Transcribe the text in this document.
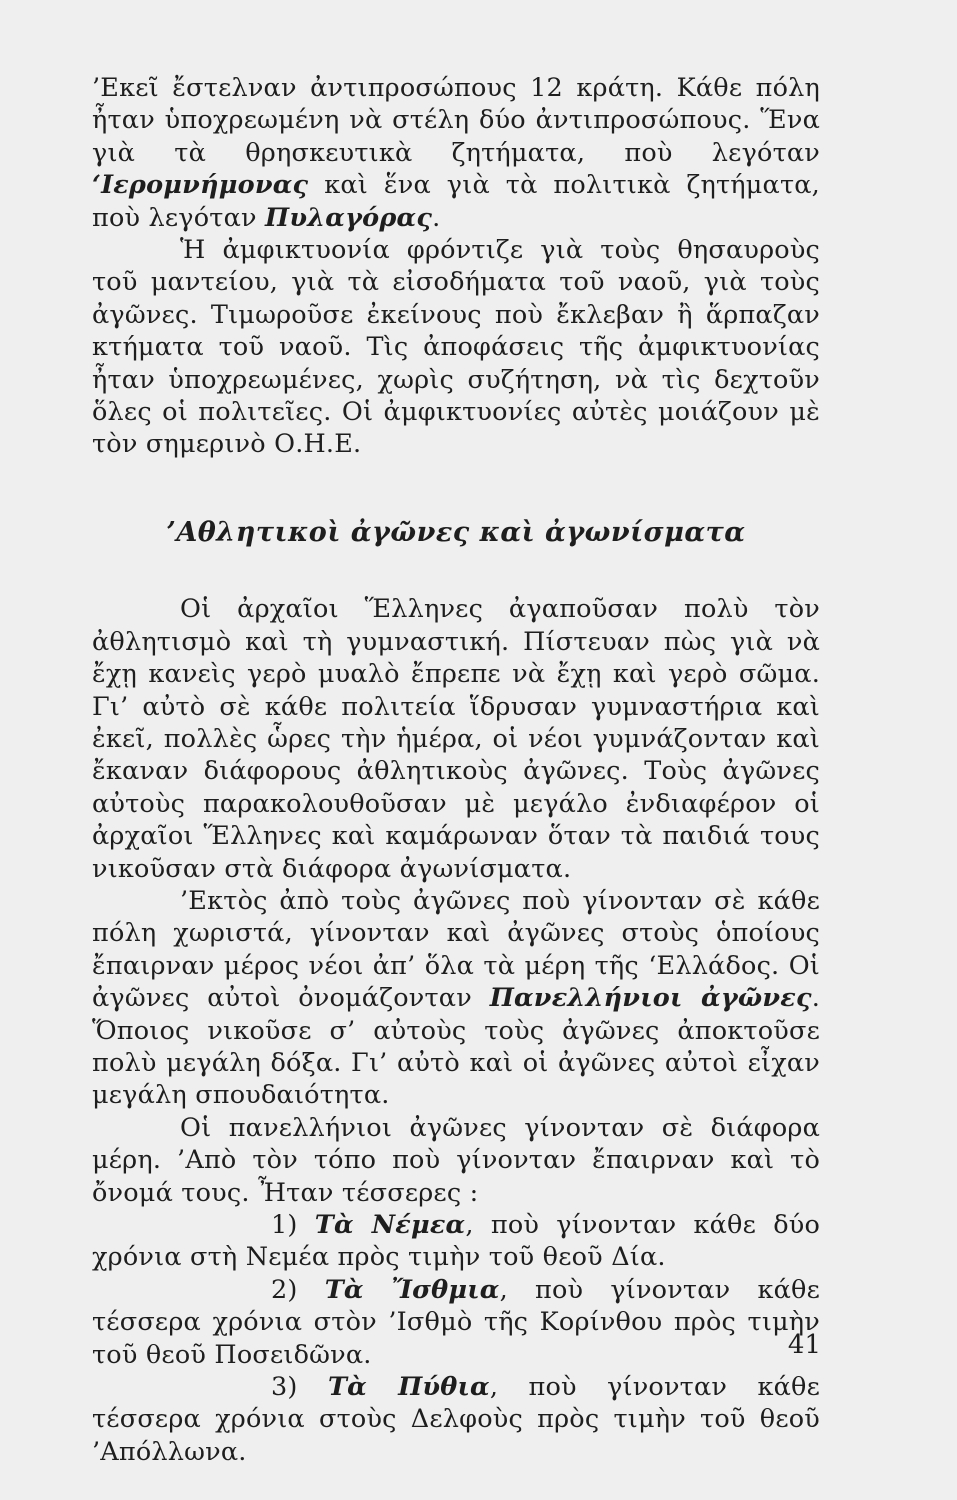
’Εκεῖ ἔστελναν ἀντιπροσώπους 12 κράτη. Κάθε πόλη ἦταν ὑποχρεωμένη νὰ στέλη δύο ἀντιπροσώπους. Ἕνα γιὰ τὰ θρησκευτικὰ ζητήματα, ποὺ λεγόταν ‘Ιερομνήμονας καὶ ἕνα γιὰ τὰ πολιτικὰ ζητήματα, ποὺ λεγόταν Πυλαγόρας.

Ἡ ἀμφικτυονία φρόντιζε γιὰ τοὺς θησαυροὺς τοῦ μαντείου, γιὰ τὰ εἰσοδήματα τοῦ ναοῦ, γιὰ τοὺς ἀγῶνες. Τιμωροῦσε ἐκείνους ποὺ ἔκλεβαν ἢ ἅρπαζαν κτήματα τοῦ ναοῦ. Τὶς ἀποφάσεις τῆς ἀμφικτυονίας ἦταν ὑποχρεωμένες, χωρὶς συζήτηση, νὰ τὶς δεχτοῦν ὅλες οἱ πολιτεῖες. Οἱ ἀμφικτυονίες αὐτὲς μοιάζουν μὲ τὸν σημερινὸ Ο.Η.Ε.

’Αθλητικοὶ ἀγῶνες καὶ ἀγωνίσματα

Οἱ ἀρχαῖοι Ἕλληνες ἀγαποῦσαν πολὺ τὸν ἀθλητισμὸ καὶ τὴ γυμναστική. Πίστευαν πὼς γιὰ νὰ ἔχῃ κανεὶς γερὸ μυαλὸ ἔπρεπε νὰ ἔχῃ καὶ γερὸ σῶμα. Γι’ αὐτὸ σὲ κάθε πολιτεία ἵδρυσαν γυμναστήρια καὶ ἐκεῖ, πολλὲς ὧρες τὴν ἡμέρα, οἱ νέοι γυμνάζονταν καὶ ἔκαναν διάφορους ἀθλητικοὺς ἀγῶνες. Τοὺς ἀγῶνες αὐτοὺς παρακολουθοῦσαν μὲ μεγάλο ἐνδιαφέρον οἱ ἀρχαῖοι Ἕλληνες καὶ καμάρωναν ὅταν τὰ παιδιά τους νικοῦσαν στὰ διάφορα ἀγωνίσματα.

’Εκτὸς ἀπὸ τοὺς ἀγῶνες ποὺ γίνονταν σὲ κάθε πόλη χωριστά, γίνονταν καὶ ἀγῶνες στοὺς ὁποίους ἔπαιρναν μέρος νέοι ἀπ’ ὅλα τὰ μέρη τῆς ‘Ελλάδος. Οἱ ἀγῶνες αὐτοὶ ὀνομάζονταν Πανελλήνιοι ἀγῶνες. Ὅποιος νικοῦσε σ’ αὐτοὺς τοὺς ἀγῶνες ἀποκτοῦσε πολὺ μεγάλη δόξα. Γι’ αὐτὸ καὶ οἱ ἀγῶνες αὐτοὶ εἶχαν μεγάλη σπουδαιότητα.

Οἱ πανελλήνιοι ἀγῶνες γίνονταν σὲ διάφορα μέρη. ’Απὸ τὸν τόπο ποὺ γίνονταν ἔπαιρναν καὶ τὸ ὄνομά τους. Ἦταν τέσσερες :

1) Τὰ Νέμεα, ποὺ γίνονταν κάθε δύο χρόνια στὴ Νεμέα πρὸς τιμὴν τοῦ θεοῦ Δία.

2) Τὰ Ἴσθμια, ποὺ γίνονταν κάθε τέσσερα χρόνια στὸν ’Ισθμὸ τῆς Κορίνθου πρὸς τιμὴν τοῦ θεοῦ Ποσειδῶνα.

3) Τὰ Πύθια, ποὺ γίνονταν κάθε τέσσερα χρόνια στοὺς Δελφοὺς πρὸς τιμὴν τοῦ θεοῦ ’Απόλλωνα.

41
